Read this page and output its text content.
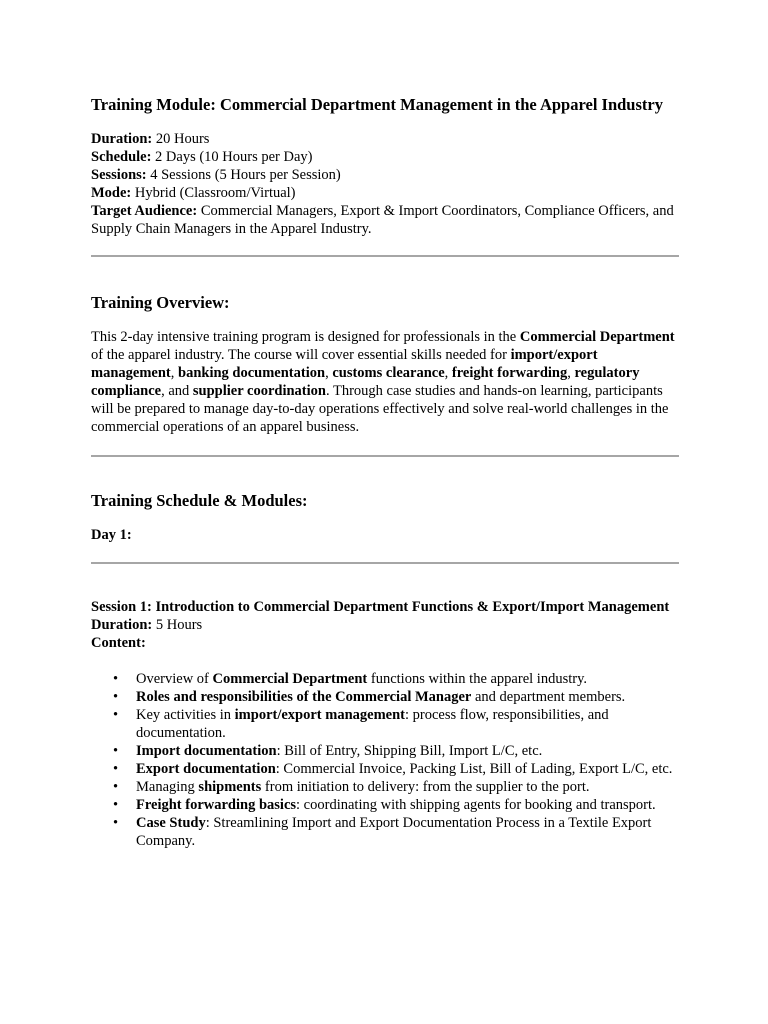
Training Module: Commercial Department Management in the Apparel Industry

Duration: 20 Hours

Schedule: 2 Days (10 Hours per Day)

Sessions: 4 Sessions (5 Hours per Session)

Mode: Hybrid (Classroom/Virtual)

Target Audience: Commercial Managers, Export & Import Coordinators, Compliance Officers, and Supply Chain Managers in the Apparel Industry.

Training Overview:

This 2-day intensive training program is designed for professionals in the Commercial Department of the apparel industry. The course will cover essential skills needed for import/export management, banking documentation, customs clearance, freight forwarding, regulatory compliance, and supplier coordination. Through case studies and hands-on learning, participants will be prepared to manage day-to-day operations effectively and solve real-world challenges in the commercial operations of an apparel business.

Training Schedule & Modules:

Day 1:

Session 1: Introduction to Commercial Department Functions & Export/Import Management

Duration: 5 Hours

Content:

• Overview of Commercial Department functions within the apparel industry.
• Roles and responsibilities of the Commercial Manager and department members.
• Key activities in import/export management: process flow, responsibilities, and documentation.
• Import documentation: Bill of Entry, Shipping Bill, Import L/C, etc.
• Export documentation: Commercial Invoice, Packing List, Bill of Lading, Export L/C, etc.
• Managing shipments from initiation to delivery: from the supplier to the port.
• Freight forwarding basics: coordinating with shipping agents for booking and transport.
• Case Study: Streamlining Import and Export Documentation Process in a Textile Export Company.
